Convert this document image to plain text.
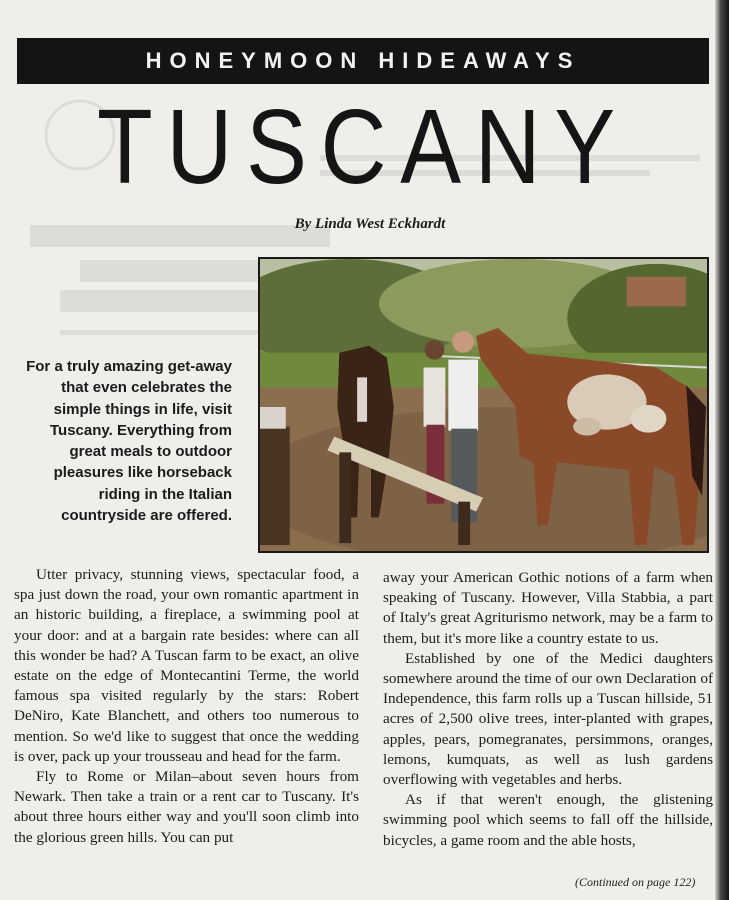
HONEYMOON HIDEAWAYS
TUSCANY
By Linda West Eckhardt
For a truly amazing get-away that even celebrates the simple things in life, visit Tuscany. Everything from great meals to outdoor pleasures like horseback riding in the Italian countryside are offered.

Utter privacy, stunning views, spectacular food, a spa just down the road, your own romantic apartment in an historic building, a fireplace, a swimming pool at your door: and at a bargain rate besides: where can all this wonder be had? A Tuscan farm to be exact, an olive estate on the edge of Montecantini Terme, the world famous spa visited regularly by the stars: Robert DeNiro, Kate Blanchett, and others too numerous to mention. So we'd like to suggest that once the wedding is over, pack up your trousseau and head for the farm.

Fly to Rome or Milan–about seven hours from Newark. Then take a train or a rent car to Tuscany. It's about three hours either way and you'll soon climb into the glorious green hills. You can put

away your American Gothic notions of a farm when speaking of Tuscany. However, Villa Stabbia, a part of Italy's great Agriturismo network, may be a farm to them, but it's more like a country estate to us.

Established by one of the Medici daughters somewhere around the time of our own Declaration of Independence, this farm rolls up a Tuscan hillside, 51 acres of 2,500 olive trees, inter-planted with grapes, apples, pears, pomegranates, persimmons, oranges, lemons, kumquats, as well as lush gardens overflowing with vegetables and herbs.

As if that weren't enough, the glistening swimming pool which seems to fall off the hillside, bicycles, a game room and the able hosts,

(Continued on page 122)
